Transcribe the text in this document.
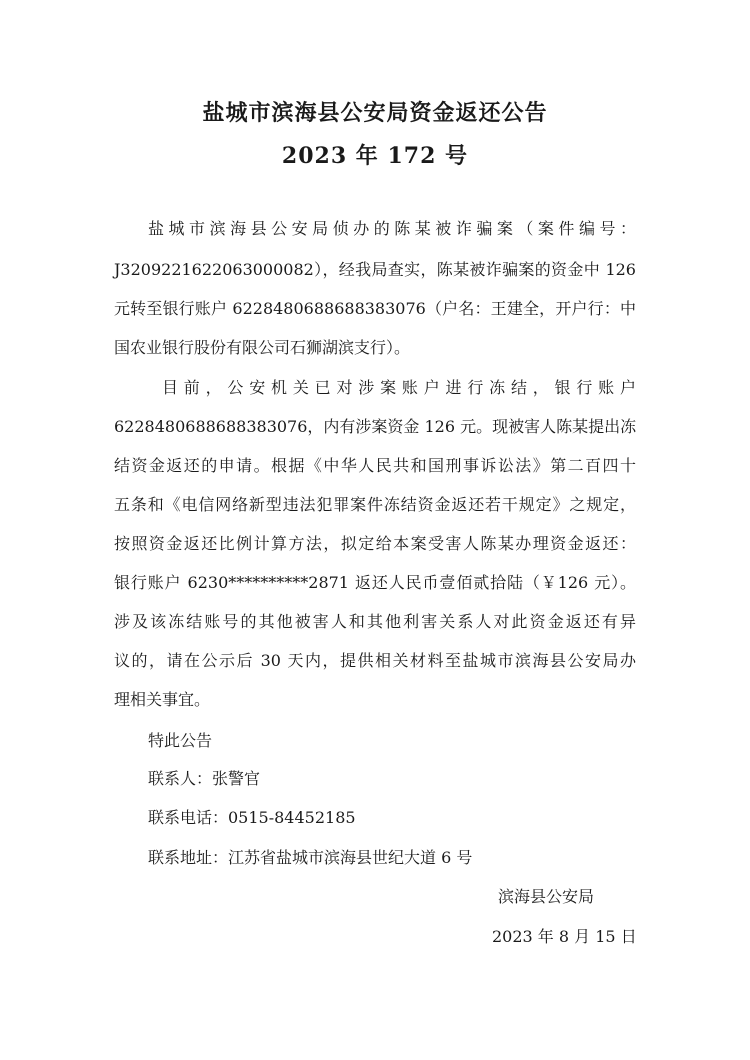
盐城市滨海县公安局资金返还公告
2023 年 172 号
盐城市滨海县公安局侦办的陈某被诈骗案（案件编号：
J3209221622063000082），经我局查实，陈某被诈骗案的资金中 126
元转至银行账户 6228480688688383076（户名：王建全，开户行：中
国农业银行股份有限公司石狮湖滨支行）。
目前，公安机关已对涉案账户进行冻结，银行账户
6228480688688383076，内有涉案资金 126 元。现被害人陈某提出冻
结资金返还的申请。根据《中华人民共和国刑事诉讼法》第二百四十
五条和《电信网络新型违法犯罪案件冻结资金返还若干规定》之规定，
按照资金返还比例计算方法，拟定给本案受害人陈某办理资金返还：
银行账户 6230**********2871 返还人民币壹佰贰拾陆（￥126 元）。
涉及该冻结账号的其他被害人和其他利害关系人对此资金返还有异
议的，请在公示后 30 天内，提供相关材料至盐城市滨海县公安局办
理相关事宜。
特此公告
联系人：张警官
联系电话：0515-84452185
联系地址：江苏省盐城市滨海县世纪大道 6 号
滨海县公安局
2023 年 8 月 15 日
